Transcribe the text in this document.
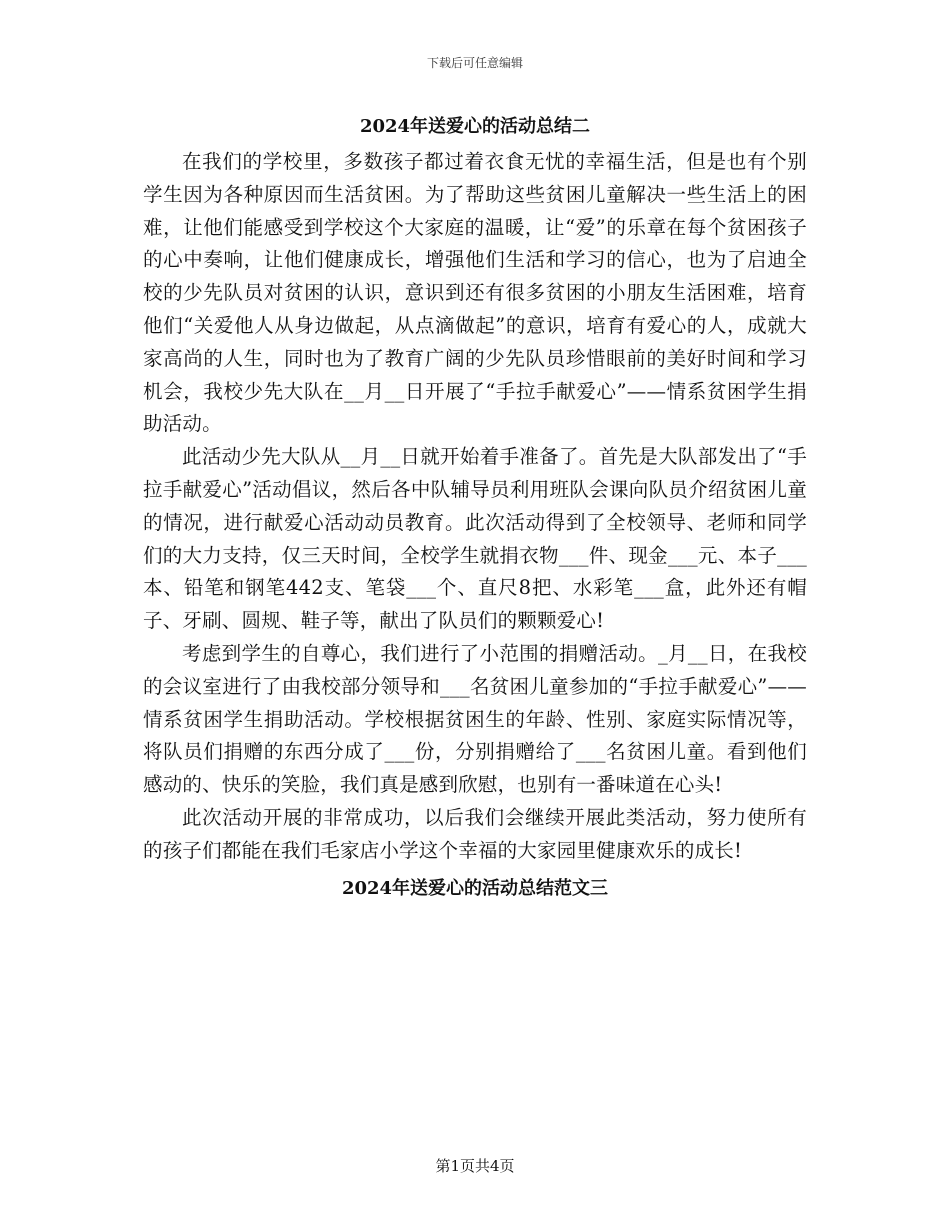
下载后可任意编辑
2024年送爱心的活动总结二

在我们的学校里，多数孩子都过着衣食无忧的幸福生活，但是也有个别学生因为各种原因而生活贫困。为了帮助这些贫困儿童解决一些生活上的困难，让他们能感受到学校这个大家庭的温暖，让“爱”的乐章在每个贫困孩子的心中奏响，让他们健康成长，增强他们生活和学习的信心，也为了启迪全校的少先队员对贫困的认识，意识到还有很多贫困的小朋友生活困难，培育他们“关爱他人从身边做起，从点滴做起”的意识，培育有爱心的人，成就大家高尚的人生，同时也为了教育广阔的少先队员珍惜眼前的美好时间和学习机会，我校少先大队在__月__日开展了“手拉手献爱心”——情系贫困学生捐助活动。

此活动少先大队从__月__日就开始着手准备了。首先是大队部发出了“手拉手献爱心”活动倡议，然后各中队辅导员利用班队会课向队员介绍贫困儿童的情况，进行献爱心活动动员教育。此次活动得到了全校领导、老师和同学们的大力支持，仅三天时间，全校学生就捐衣物___件、现金___元、本子___本、铅笔和钢笔442支、笔袋___个、直尺8把、水彩笔___盒，此外还有帽子、牙刷、圆规、鞋子等，献出了队员们的颗颗爱心!

考虑到学生的自尊心，我们进行了小范围的捐赠活动。_月__日，在我校的会议室进行了由我校部分领导和___名贫困儿童参加的“手拉手献爱心”——情系贫困学生捐助活动。学校根据贫困生的年龄、性别、家庭实际情况等，将队员们捐赠的东西分成了___份，分别捐赠给了___名贫困儿童。看到他们感动的、快乐的笑脸，我们真是感到欣慰，也别有一番味道在心头!

此次活动开展的非常成功，以后我们会继续开展此类活动，努力使所有的孩子们都能在我们毛家店小学这个幸福的大家园里健康欢乐的成长!

2024年送爱心的活动总结范文三
第1页共4页
